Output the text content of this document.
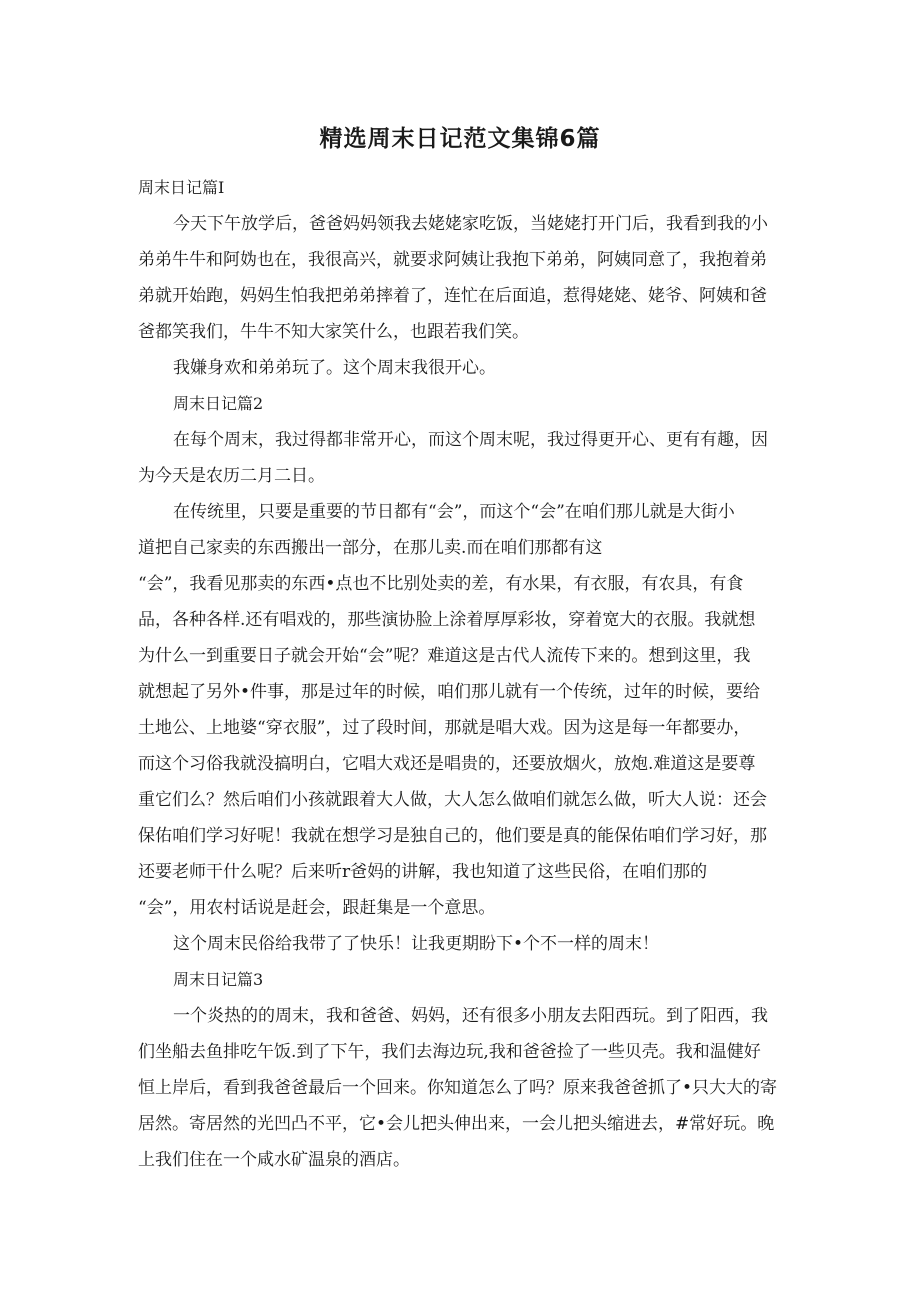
精选周末日记范文集锦6篇
周末日记篇I
今天下午放学后，爸爸妈妈领我去姥姥家吃饭，当姥姥打开门后，我看到我的小
弟弟牛牛和阿妫也在，我很高兴，就要求阿姨让我抱下弟弟，阿姨同意了，我抱着弟
弟就开始跑，妈妈生怕我把弟弟摔着了，连忙在后面追，惹得姥姥、姥爷、阿姨和爸
爸都笑我们，牛牛不知大家笑什么，也跟若我们笑。
我嫌身欢和弟弟玩了。这个周末我很开心。
周末日记篇2
在每个周末，我过得都非常开心，而这个周末呢，我过得更开心、更有有趣，因
为今天是农历二月二日。
在传统里，只要是重要的节日都有“会”，而这个“会”在咱们那儿就是大街小
道把自己家卖的东西搬出一部分，在那儿卖.而在咱们那都有这
“会”，我看见那卖的东西•点也不比别处卖的差，有水果，有衣服，有农具，有食
品，各种各样.还有唱戏的，那些演协脸上涂着厚厚彩妆，穿着宽大的衣服。我就想
为什么一到重要日子就会开始“会”呢？难道这是古代人流传下来的。想到这里，我
就想起了另外•件事，那是过年的时候，咱们那儿就有一个传统，过年的时候，要给
土地公、上地婆“穿衣服”，过了段时间，那就是唱大戏。因为这是每一年都要办，
而这个习俗我就没搞明白，它唱大戏还是唱贵的，还要放烟火，放炮.难道这是要尊
重它们么？然后咱们小孩就跟着大人做，大人怎么做咱们就怎么做，听大人说：还会
保佑咱们学习好呢！我就在想学习是独自己的，他们要是真的能保佑咱们学习好，那
还要老师干什么呢？后来听r爸妈的讲解，我也知道了这些民俗，在咱们那的
“会”，用农村话说是赶会，跟赶集是一个意思。
这个周末民俗给我带了了快乐！让我更期盼下•个不一样的周末！
周末日记篇3
一个炎热的的周末，我和爸爸、妈妈，还有很多小朋友去阳西玩。到了阳西，我
们坐船去鱼排吃午饭.到了下午，我们去海边玩,我和爸爸捡了一些贝壳。我和温健好
恒上岸后，看到我爸爸最后一个回来。你知道怎么了吗？原来我爸爸抓了•只大大的寄
居然。寄居然的光凹凸不平，它•会儿把头伸出来，一会儿把头缩进去，#常好玩。晚
上我们住在一个咸水矿温泉的酒店。
